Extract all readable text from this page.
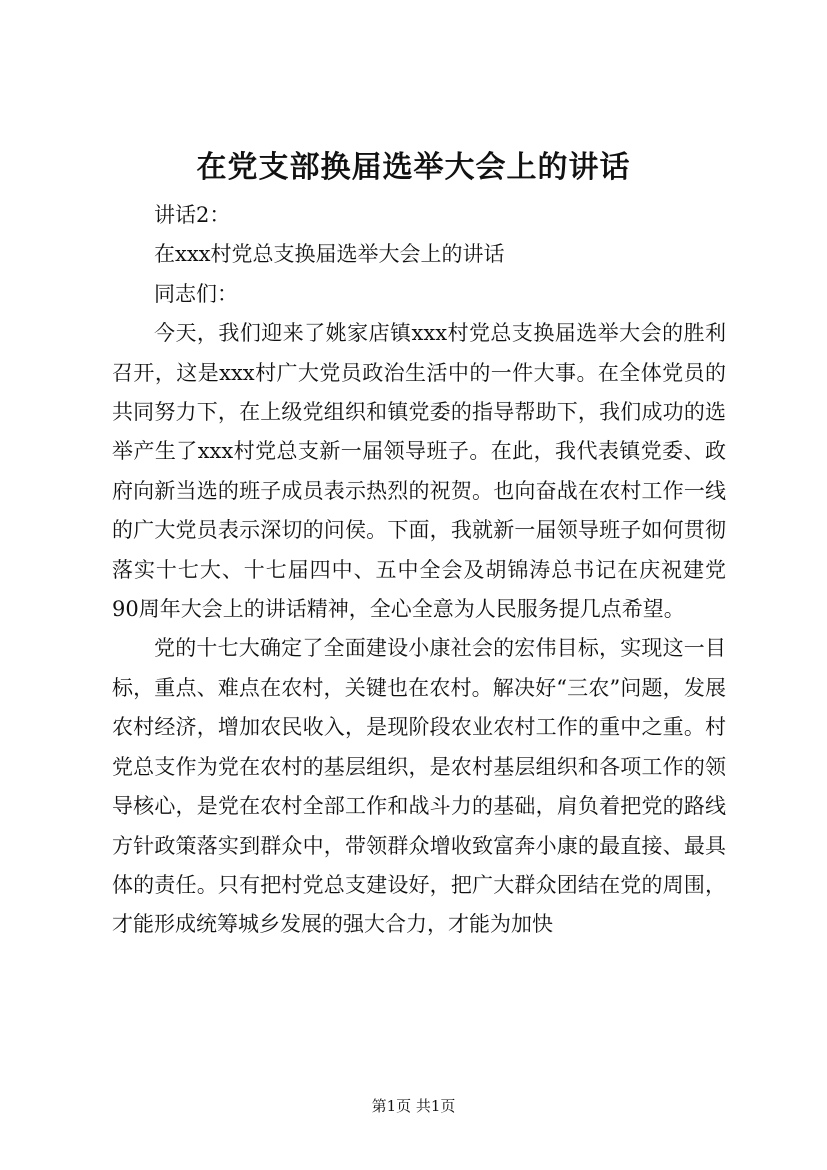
在党支部换届选举大会上的讲话

讲话2：

在xxx村党总支换届选举大会上的讲话

同志们：

今天，我们迎来了姚家店镇xxx村党总支换届选举大会的胜利召开，这是xxx村广大党员政治生活中的一件大事。在全体党员的共同努力下，在上级党组织和镇党委的指导帮助下，我们成功的选举产生了xxx村党总支新一届领导班子。在此，我代表镇党委、政府向新当选的班子成员表示热烈的祝贺。也向奋战在农村工作一线的广大党员表示深切的问侯。下面，我就新一届领导班子如何贯彻落实十七大、十七届四中、五中全会及胡锦涛总书记在庆祝建党90周年大会上的讲话精神，全心全意为人民服务提几点希望。

党的十七大确定了全面建设小康社会的宏伟目标，实现这一目标，重点、难点在农村，关键也在农村。解决好“三农”问题，发展农村经济，增加农民收入，是现阶段农业农村工作的重中之重。村党总支作为党在农村的基层组织，是农村基层组织和各项工作的领导核心，是党在农村全部工作和战斗力的基础，肩负着把党的路线方针政策落实到群众中，带领群众增收致富奔小康的最直接、最具体的责任。只有把村党总支建设好，把广大群众团结在党的周围，才能形成统筹城乡发展的强大合力，才能为加快

第1页 共1页
